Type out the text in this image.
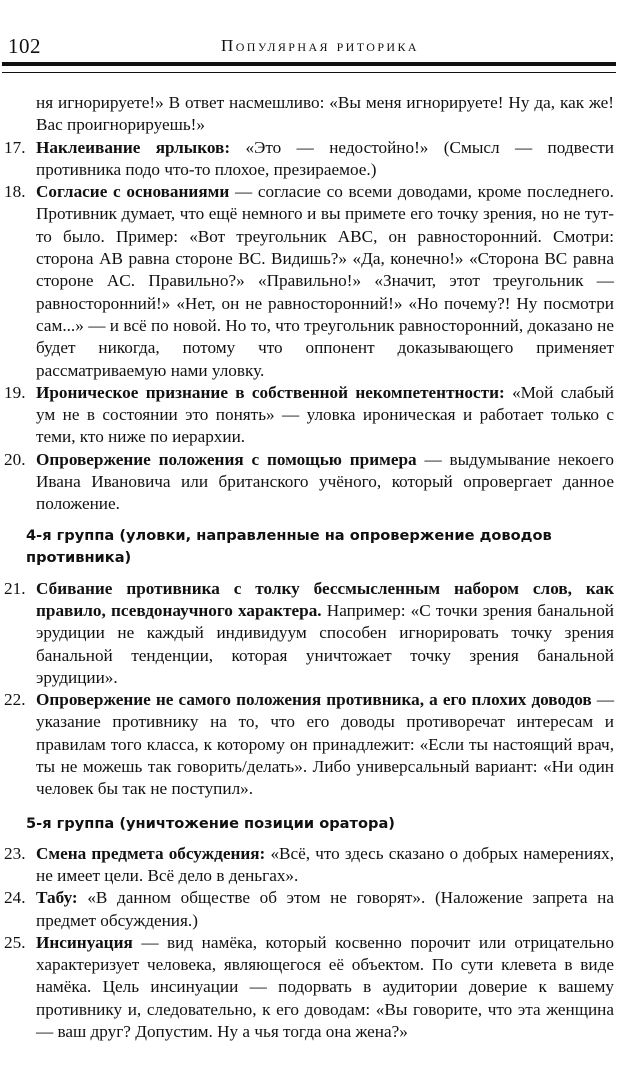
102	Популярная риторика
ня игнорируете!» В ответ насмешливо: «Вы меня игнорируете! Ну да, как же! Вас проигнорируешь!»
17. Наклеивание ярлыков: «Это — недостойно!» (Смысл — подвести противника подо что-то плохое, презираемое.)
18. Согласие с основаниями — согласие со всеми доводами, кроме последнего. Противник думает, что ещё немного и вы примете его точку зрения, но не тут-то было. Пример: «Вот треугольник ABC, он равносторонний. Смотри: сторона AB равна стороне BC. Видишь?» «Да, конечно!» «Сторона BC равна стороне AC. Правильно?» «Правильно!» «Значит, этот треугольник — равносторонний!» «Нет, он не равносторонний!» «Но почему?! Ну посмотри сам...» — и всё по новой. Но то, что треугольник равносторонний, доказано не будет никогда, потому что оппонент доказывающего применяет рассматриваемую нами уловку.
19. Ироническое признание в собственной некомпетентности: «Мой слабый ум не в состоянии это понять» — уловка ироническая и работает только с теми, кто ниже по иерархии.
20. Опровержение положения с помощью примера — выдумывание некоего Ивана Ивановича или британского учёного, который опровергает данное положение.
4-я группа (уловки, направленные на опровержение доводов противника)
21. Сбивание противника с толку бессмысленным набором слов, как правило, псевдонаучного характера. Например: «С точки зрения банальной эрудиции не каждый индивидуум способен игнорировать точку зрения банальной тенденции, которая уничтожает точку зрения банальной эрудиции».
22. Опровержение не самого положения противника, а его плохих доводов — указание противнику на то, что его доводы противоречат интересам и правилам того класса, к которому он принадлежит: «Если ты настоящий врач, ты не можешь так говорить/делать». Либо универсальный вариант: «Ни один человек бы так не поступил».
5-я группа (уничтожение позиции оратора)
23. Смена предмета обсуждения: «Всё, что здесь сказано о добрых намерениях, не имеет цели. Всё дело в деньгах».
24. Табу: «В данном обществе об этом не говорят». (Наложение запрета на предмет обсуждения.)
25. Инсинуация — вид намёка, который косвенно порочит или отрицательно характеризует человека, являющегося её объектом. По сути клевета в виде намёка. Цель инсинуации — подорвать в аудитории доверие к вашему противнику и, следовательно, к его доводам: «Вы говорите, что эта женщина — ваш друг? Допустим. Ну а чья тогда она жена?»
